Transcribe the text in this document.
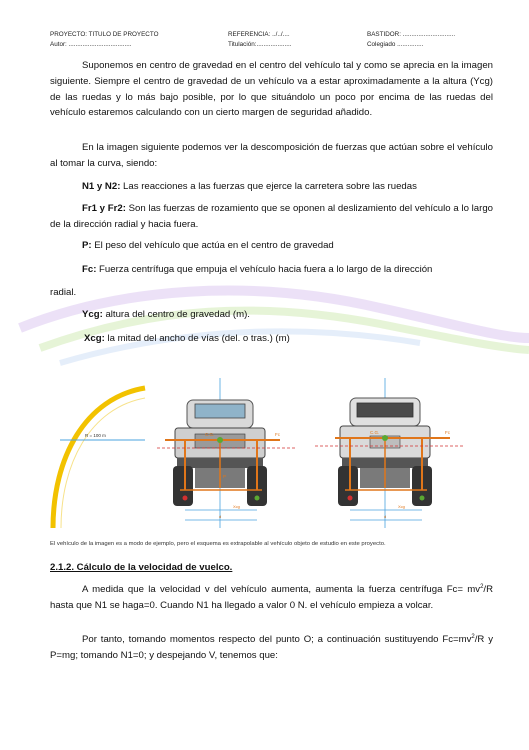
PROYECTO: TITULO DE PROYECTO	REFERENCIA: ../../....	BASTIDOR: ..............................
Autor: ....................................	Titulación:....................	Colegiado ...............
Suponemos en centro de gravedad en el centro del vehículo tal y como se aprecia en la imagen siguiente. Siempre el centro de gravedad de un vehículo va a estar aproximadamente a la altura (Ycg) de las ruedas y lo más bajo posible, por lo que situándolo un poco por encima de las ruedas del vehículo estaremos calculando con un cierto margen de seguridad añadido.
En la imagen siguiente podemos ver la descomposición de fuerzas que actúan sobre el vehículo al tomar la curva, siendo:
N1 y N2: Las reacciones a las fuerzas que ejerce la carretera sobre las ruedas
Fr1 y Fr2: Son las fuerzas de rozamiento que se oponen al deslizamiento del vehículo a lo largo de la dirección radial y hacia fuera.
P: El peso del vehículo que actúa en el centro de gravedad
Fc: Fuerza centrífuga que empuja el vehículo hacia fuera a lo largo de la dirección
radial.
Ycg: altura del centro de gravedad (m).
Xcg: la mitad del ancho de vías (del. o tras.) (m)
R = 100 m	C.G.	Fc
P
C.G.	Fc
Xcg
d
Xcg
d
El vehículo de la imagen es a modo de ejemplo, pero el esquema es extrapolable al vehículo objeto de estudio en este proyecto.
2.1.2. Cálculo de la velocidad de vuelco.
A medida que la velocidad v del vehículo aumenta, aumenta la fuerza centrífuga $Fc= mv^2/R$ hasta que N1 se haga=0. Cuando N1 ha llegado a valor 0 N. el vehículo empieza a volcar.
Por tanto, tomando momentos respecto del punto O; a continuación sustituyendo $Fc=mv^2/R$ y P=mg; tomando N1=0; y despejando V, tenemos que:
